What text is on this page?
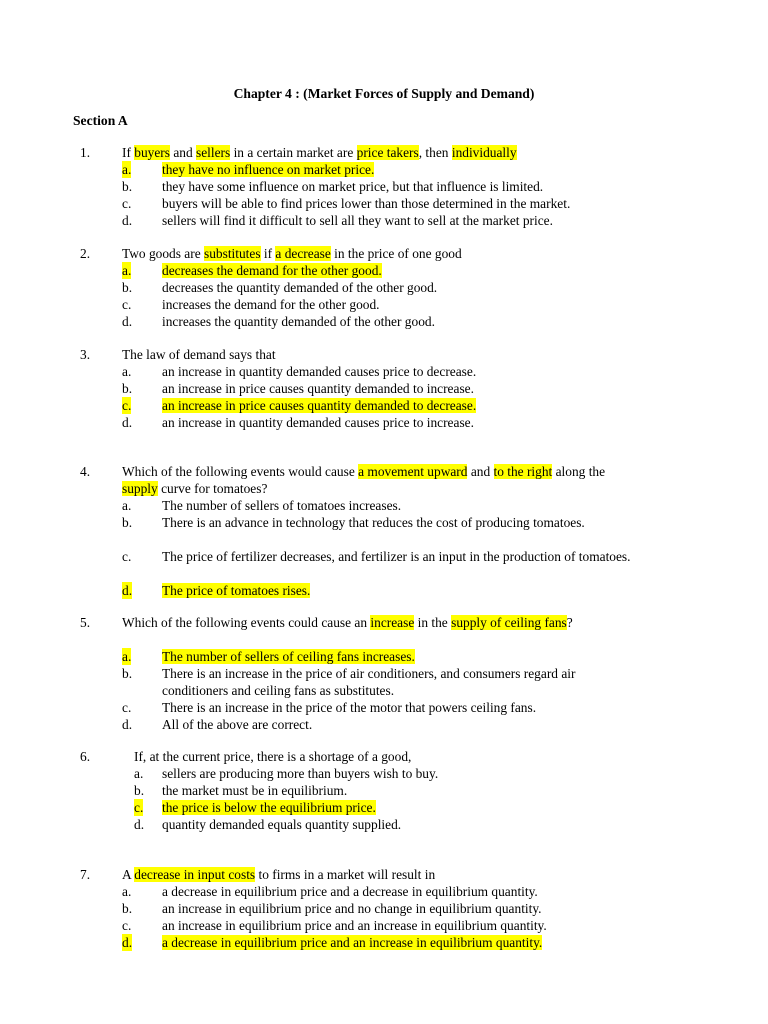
Chapter 4 : (Market Forces of Supply and Demand)
Section A
1. If buyers and sellers in a certain market are price takers, then individually
a. they have no influence on market price.
b. they have some influence on market price, but that influence is limited.
c. buyers will be able to find prices lower than those determined in the market.
d. sellers will find it difficult to sell all they want to sell at the market price.
2. Two goods are substitutes if a decrease in the price of one good
a. decreases the demand for the other good.
b. decreases the quantity demanded of the other good.
c. increases the demand for the other good.
d. increases the quantity demanded of the other good.
3. The law of demand says that
a. an increase in quantity demanded causes price to decrease.
b. an increase in price causes quantity demanded to increase.
c. an increase in price causes quantity demanded to decrease.
d. an increase in quantity demanded causes price to increase.
4. Which of the following events would cause a movement upward and to the right along the supply curve for tomatoes?
a. The number of sellers of tomatoes increases.
b. There is an advance in technology that reduces the cost of producing tomatoes.
c. The price of fertilizer decreases, and fertilizer is an input in the production of tomatoes.
d. The price of tomatoes rises.
5. Which of the following events could cause an increase in the supply of ceiling fans?
a. The number of sellers of ceiling fans increases.
b. There is an increase in the price of air conditioners, and consumers regard air conditioners and ceiling fans as substitutes.
c. There is an increase in the price of the motor that powers ceiling fans.
d. All of the above are correct.
6.	If, at the current price, there is a shortage of a good,
a. sellers are producing more than buyers wish to buy.
b. the market must be in equilibrium.
c. the price is below the equilibrium price.
d. quantity demanded equals quantity supplied.
7. A decrease in input costs to firms in a market will result in
a. a decrease in equilibrium price and a decrease in equilibrium quantity.
b. an increase in equilibrium price and no change in equilibrium quantity.
c. an increase in equilibrium price and an increase in equilibrium quantity.
d. a decrease in equilibrium price and an increase in equilibrium quantity.
